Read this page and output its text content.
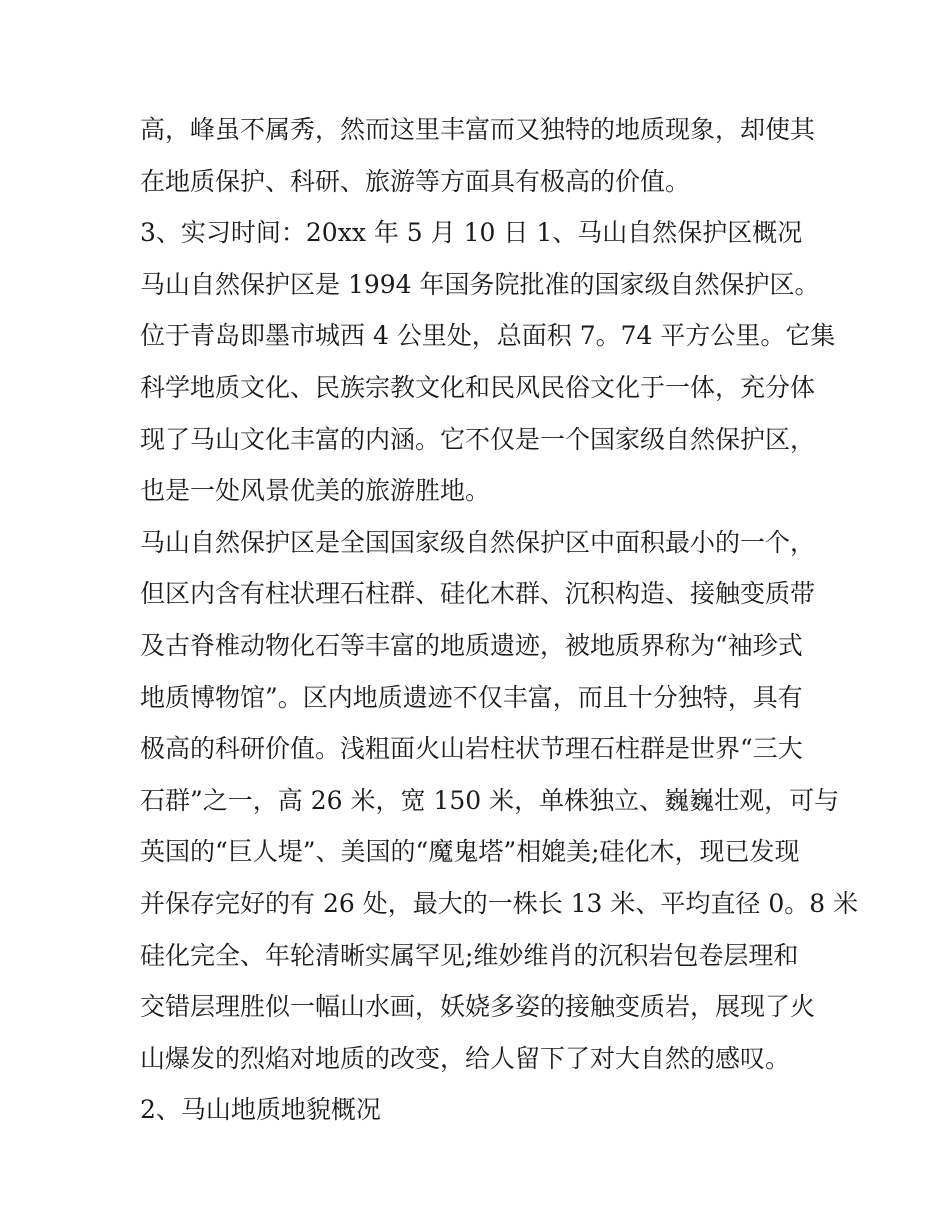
高，峰虽不属秀，然而这里丰富而又独特的地质现象，却使其
在地质保护、科研、旅游等方面具有极高的价值。
3、实习时间：20xx 年 5 月 10 日 1、马山自然保护区概况
马山自然保护区是 1994 年国务院批准的国家级自然保护区。
位于青岛即墨市城西 4 公里处，总面积 7。74 平方公里。它集
科学地质文化、民族宗教文化和民风民俗文化于一体，充分体
现了马山文化丰富的内涵。它不仅是一个国家级自然保护区，
也是一处风景优美的旅游胜地。
马山自然保护区是全国国家级自然保护区中面积最小的一个，
但区内含有柱状理石柱群、硅化木群、沉积构造、接触变质带
及古脊椎动物化石等丰富的地质遗迹，被地质界称为“袖珍式
地质博物馆”。区内地质遗迹不仅丰富，而且十分独特，具有
极高的科研价值。浅粗面火山岩柱状节理石柱群是世界“三大
石群”之一，高 26 米，宽 150 米，单株独立、巍巍壮观，可与
英国的“巨人堤”、美国的“魔鬼塔”相媲美;硅化木，现已发现
并保存完好的有 26 处，最大的一株长 13 米、平均直径 0。8 米
硅化完全、年轮清晰实属罕见;维妙维肖的沉积岩包卷层理和
交错层理胜似一幅山水画，妖娆多姿的接触变质岩，展现了火
山爆发的烈焰对地质的改变，给人留下了对大自然的感叹。
2、马山地质地貌概况
